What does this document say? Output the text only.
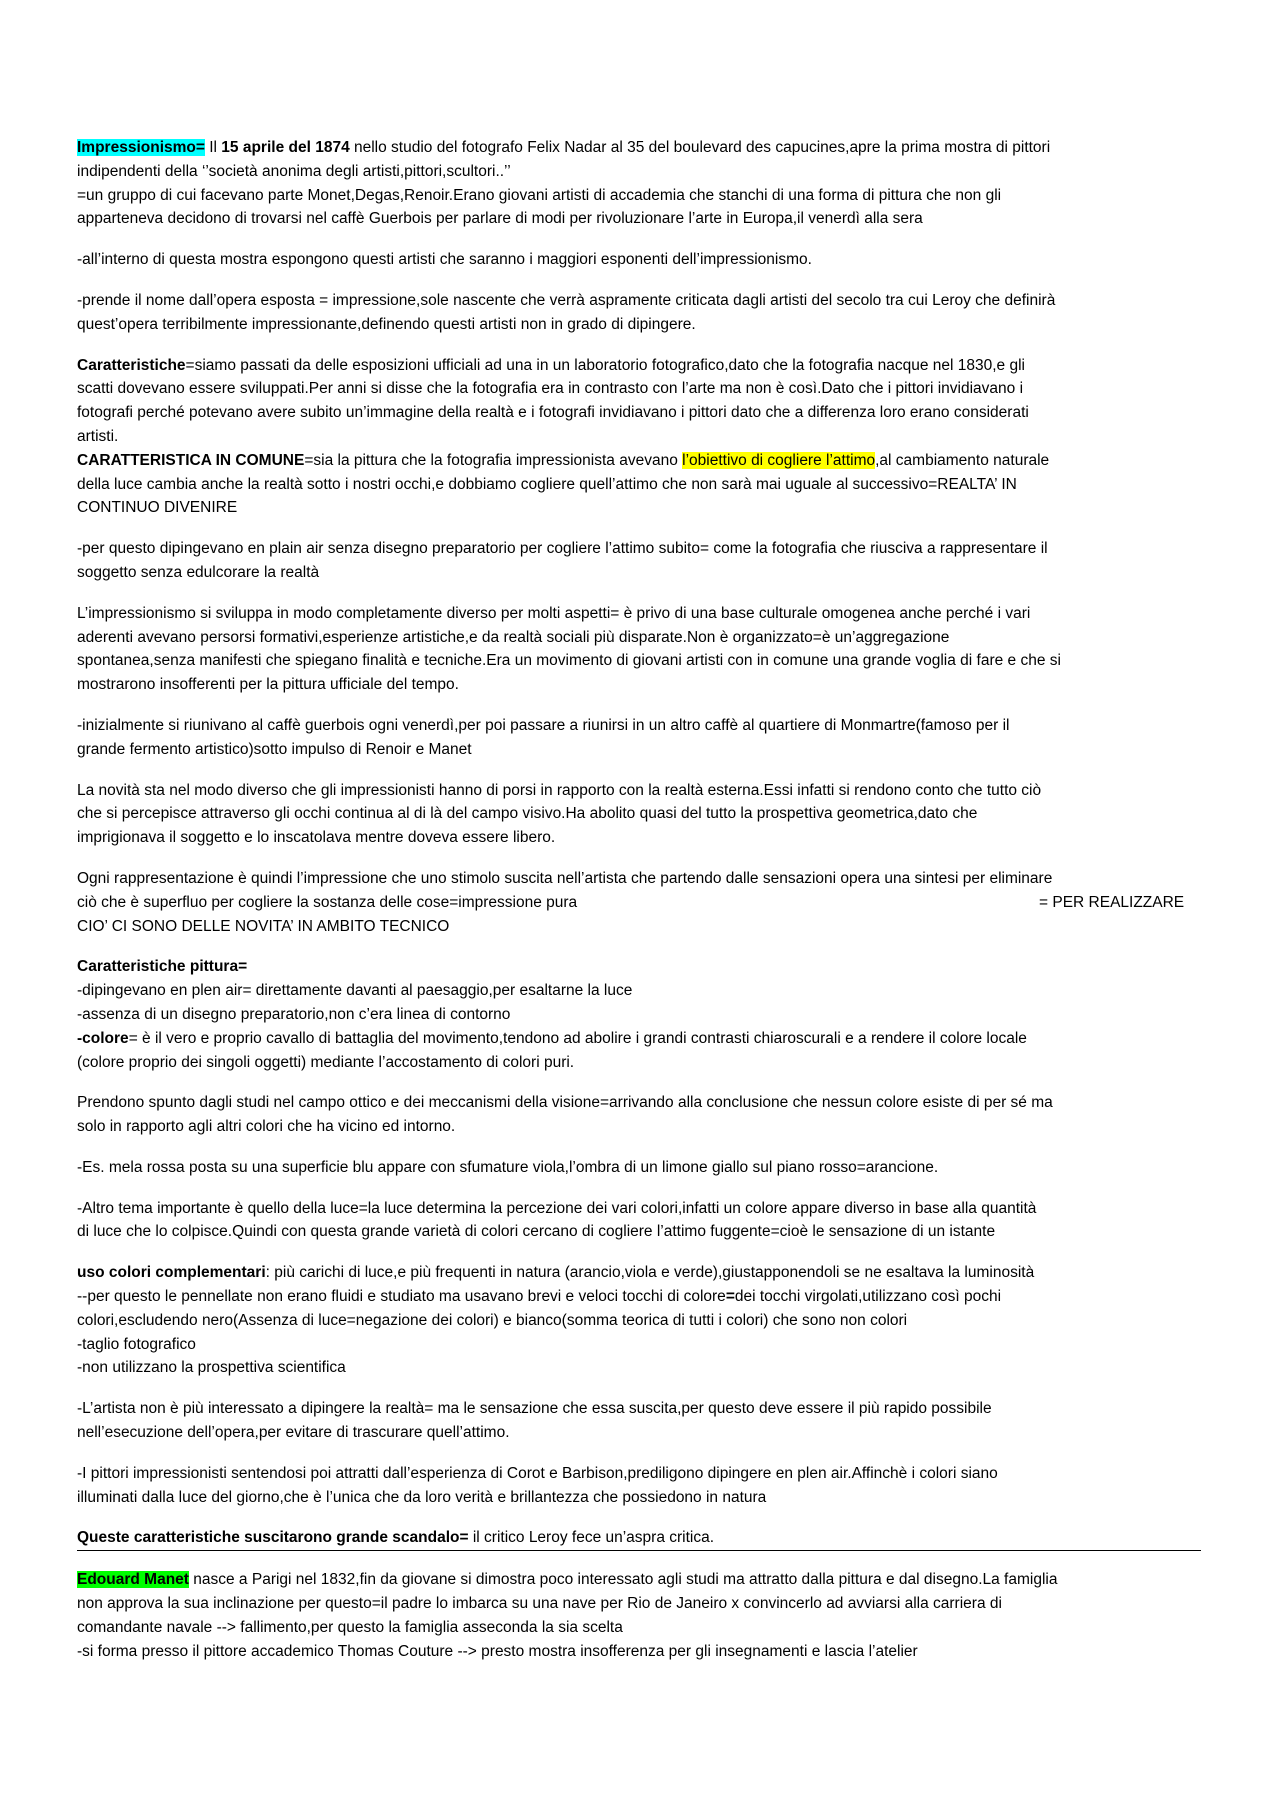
Impressionismo= Il 15 aprile del 1874 nello studio del fotografo Felix Nadar al 35 del boulevard des capucines,apre la prima mostra di pittori
indipendenti della ‘’società anonima degli artisti,pittori,scultori..’’
=un gruppo di cui facevano parte Monet,Degas,Renoir.Erano giovani artisti di accademia che stanchi di una forma di pittura che non gli
apparteneva decidono di trovarsi nel caffè Guerbois per parlare di modi per rivoluzionare l’arte in Europa,il venerdì alla sera
-all’interno di questa mostra espongono questi artisti che saranno i maggiori esponenti dell’impressionismo.
-prende il nome dall’opera esposta = impressione,sole nascente che verrà aspramente criticata dagli artisti del secolo tra cui Leroy che definirà
quest’opera terribilmente impressionante,definendo questi artisti non in grado di dipingere.
Caratteristiche=siamo passati da delle esposizioni ufficiali ad una in un laboratorio fotografico,dato che la fotografia nacque nel 1830,e gli
scatti dovevano essere sviluppati.Per anni si disse che la fotografia era in contrasto con l’arte ma non è così.Dato che i pittori invidiavano i
fotografi perché potevano avere subito un’immagine della realtà e i fotografi invidiavano i pittori dato che a differenza loro erano considerati
artisti.
CARATTERISTICA IN COMUNE=sia la pittura che la fotografia impressionista avevano l’obiettivo di cogliere l’attimo,al cambiamento naturale
della luce cambia anche la realtà sotto i nostri occhi,e dobbiamo cogliere quell’attimo che non sarà mai uguale al successivo=REALTA’ IN
CONTINUO DIVENIRE
-per questo dipingevano en plain air senza disegno preparatorio per cogliere l’attimo subito= come la fotografia che riusciva a rappresentare il
soggetto senza edulcorare la realtà
L’impressionismo si sviluppa in modo completamente diverso per molti aspetti= è privo di una base culturale omogenea anche perché i vari
aderenti avevano persorsi formativi,esperienze artistiche,e da realtà sociali più disparate.Non è organizzato=è un’aggregazione
spontanea,senza manifesti che spiegano finalità e tecniche.Era un movimento di giovani artisti con in comune una grande voglia di fare e che si
mostrarono insofferenti per la pittura ufficiale del tempo.
-inizialmente si riunivano al caffè guerbois ogni venerdì,per poi passare a riunirsi in un altro caffè al quartiere di Monmartre(famoso per il
grande fermento artistico)sotto impulso di Renoir e Manet
La novità sta nel modo diverso che gli impressionisti hanno di porsi in rapporto con la realtà esterna.Essi infatti si rendono conto che tutto ciò
che si percepisce attraverso gli occhi continua al di là del campo visivo.Ha abolito quasi del tutto la prospettiva geometrica,dato che
imprigionava il soggetto e lo inscatolava mentre doveva essere libero.
Ogni rappresentazione è quindi l’impressione che uno stimolo suscita nell’artista che partendo dalle sensazioni opera una sintesi per eliminare
ciò che è superfluo per cogliere la sostanza delle cose=impressione pura	= PER REALIZZARE
CIO’ CI SONO DELLE NOVITA’ IN AMBITO TECNICO
Caratteristiche pittura=
-dipingevano en plen air= direttamente davanti al paesaggio,per esaltarne la luce
-assenza di un disegno preparatorio,non c’era linea di contorno
-colore= è il vero e proprio cavallo di battaglia del movimento,tendono ad abolire i grandi contrasti chiaroscurali e a rendere il colore locale
(colore proprio dei singoli oggetti) mediante l’accostamento di colori puri.
Prendono spunto dagli studi nel campo ottico e dei meccanismi della visione=arrivando alla conclusione che nessun colore esiste di per sé ma
solo in rapporto agli altri colori che ha vicino ed intorno.
-Es. mela rossa posta su una superficie blu appare con sfumature viola,l’ombra di un limone giallo sul piano rosso=arancione.
-Altro tema importante è quello della luce=la luce determina la percezione dei vari colori,infatti un colore appare diverso in base alla quantità
di luce che lo colpisce.Quindi con questa grande varietà di colori cercano di cogliere l’attimo fuggente=cioè le sensazione di un istante
uso colori complementari: più carichi di luce,e più frequenti in natura (arancio,viola e verde),giustapponendoli se ne esaltava la luminosità
--per questo le pennellate non erano fluidi e studiato ma usavano brevi e veloci tocchi di colore=dei tocchi virgolati,utilizzano così pochi
colori,escludendo nero(Assenza di luce=negazione dei colori) e bianco(somma teorica di tutti i colori) che sono non colori
-taglio fotografico
-non utilizzano la prospettiva scientifica
-L’artista non è più interessato a dipingere la realtà= ma le sensazione che essa suscita,per questo deve essere il più rapido possibile
nell’esecuzione dell’opera,per evitare di trascurare quell’attimo.
-I pittori impressionisti sentendosi poi attratti dall’esperienza di Corot e Barbison,prediligono dipingere en plen air.Affinchè i colori siano
illuminati dalla luce del giorno,che è l’unica che da loro verità e brillantezza che possiedono in natura
Queste caratteristiche suscitarono grande scandalo= il critico Leroy fece un’aspra critica.
Edouard Manet nasce a Parigi nel 1832,fin da giovane si dimostra poco interessato agli studi ma attratto dalla pittura e dal disegno.La famiglia
non approva la sua inclinazione per questo=il padre lo imbarca su una nave per Rio de Janeiro x convincerlo ad avviarsi alla carriera di
comandante navale --> fallimento,per questo la famiglia asseconda la sia scelta
-si forma presso il pittore accademico Thomas Couture --> presto mostra insofferenza per gli insegnamenti e lascia l’atelier
